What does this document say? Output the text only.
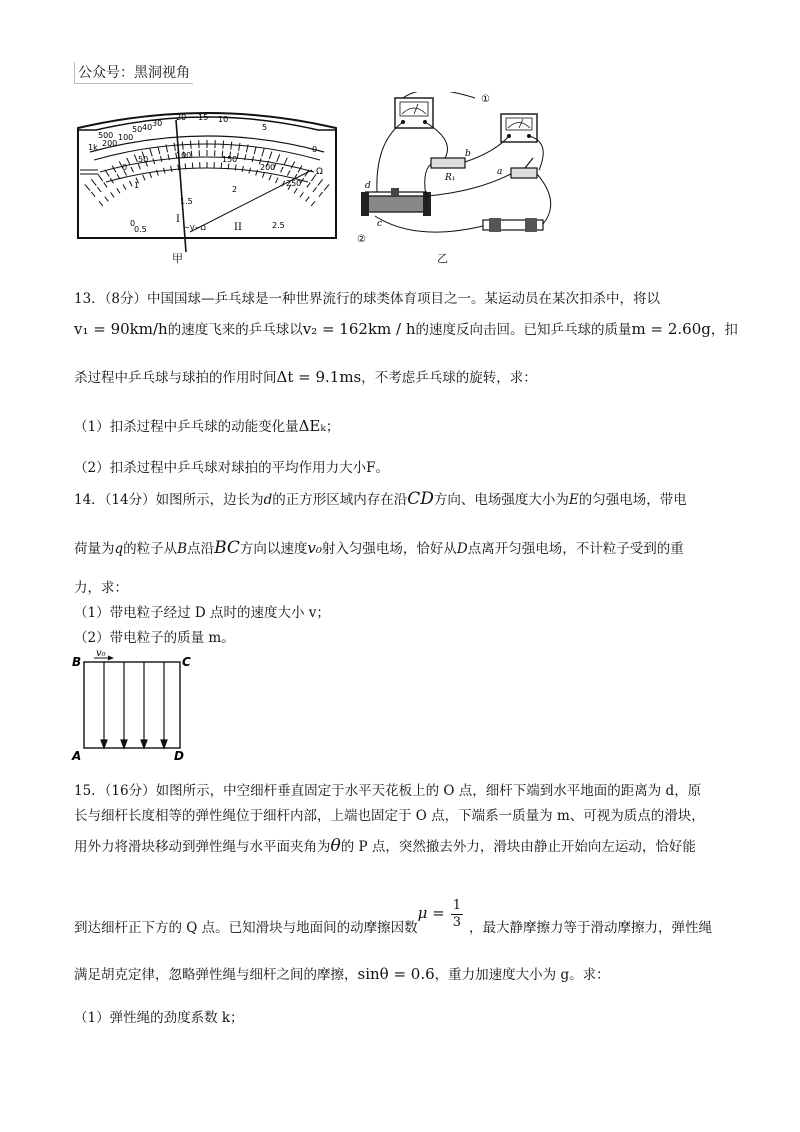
公众号：黑洞视角
500
1k 200
100
50 40 30
20 15 10
5
0
Ω
0
50	100	150
200
250
0
0.5
1
1.5
2
2.5
I
~V~Ω	II
甲
①
②
R₁
a
b
c
d
乙
13．（8分）中国国球—乒乓球是一种世界流行的球类体育项目之一。某运动员在某次扣杀中，将以
v₁ = 90km/h的速度飞来的乒乓球以v₂ = 162km / h的速度反向击回。已知乒乓球的质量m = 2.60g，扣
杀过程中乒乓球与球拍的作用时间Δt = 9.1ms，不考虑乒乓球的旋转，求：
（1）扣杀过程中乒乓球的动能变化量ΔEₖ；
（2）扣杀过程中乒乓球对球拍的平均作用力大小F。
14．（14分）如图所示，边长为d的正方形区域内存在沿CD方向、电场强度大小为E的匀强电场，带电
荷量为q的粒子从B点沿BC方向以速度v₀射入匀强电场，恰好从D点离开匀强电场，不计粒子受到的重
力，求：
（1）带电粒子经过 D 点时的速度大小 v；
（2）带电粒子的质量 m。
B	C
A	D
v₀
15．（16分）如图所示，中空细杆垂直固定于水平天花板上的 O 点，细杆下端到水平地面的距离为 d，原
长与细杆长度相等的弹性绳位于细杆内部，上端也固定于 O 点，下端系一质量为 m、可视为质点的滑块，
用外力将滑块移动到弹性绳与水平面夹角为θ的 P 点，突然撤去外力，滑块由静止开始向左运动，恰好能
到达细杆正下方的 Q 点。已知滑块与地面间的动摩擦因数$\mu = \frac{1}{3}$ ，最大静摩擦力等于滑动摩擦力，弹性绳
满足胡克定律，忽略弹性绳与细杆之间的摩擦，sinθ = 0.6，重力加速度大小为 g。求：
（1）弹性绳的劲度系数 k；
